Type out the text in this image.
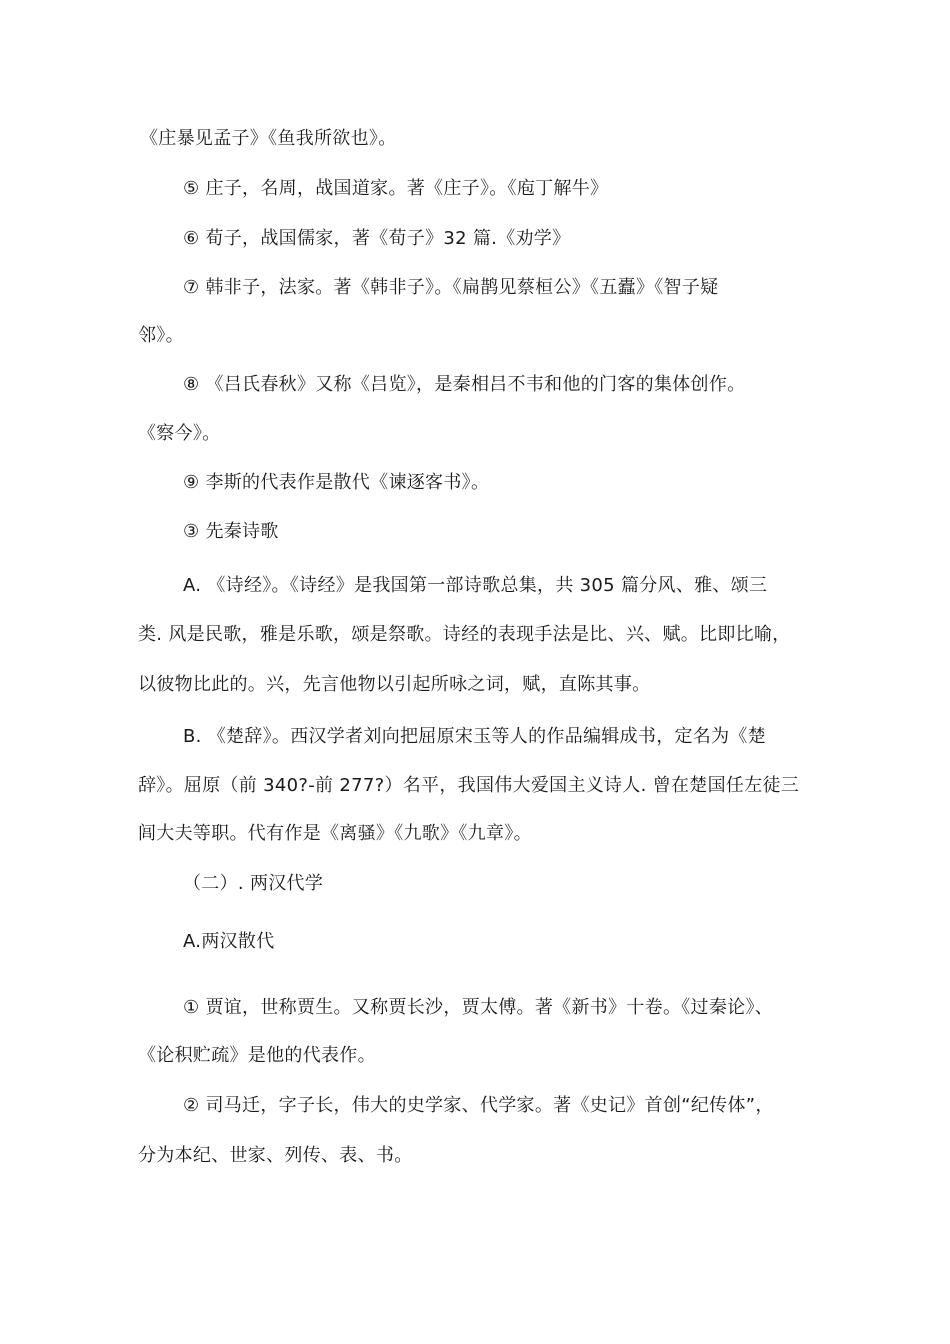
《庄暴见孟子》《鱼我所欲也》。
⑤ 庄子，名周，战国道家。著《庄子》。《庖丁解牛》
⑥ 荀子，战国儒家，著《荀子》32 篇.《劝学》
⑦ 韩非子，法家。著《韩非子》。《扁鹊见蔡桓公》《五蠹》《智子疑
邻》。
⑧ 《吕氏春秋》又称《吕览》，是秦相吕不韦和他的门客的集体创作。
《察今》。
⑨ 李斯的代表作是散代《谏逐客书》。
③ 先秦诗歌
A. 《诗经》。《诗经》是我国第一部诗歌总集，共 305 篇分风、雅、颂三
类. 风是民歌，雅是乐歌，颂是祭歌。诗经的表现手法是比、兴、赋。比即比喻，
以彼物比此的。兴，先言他物以引起所咏之词，赋，直陈其事。
B. 《楚辞》。西汉学者刘向把屈原宋玉等人的作品编辑成书，定名为《楚
辞》。屈原（前 340?-前 277?）名平，我国伟大爱国主义诗人. 曾在楚国任左徒三
闾大夫等职。代有作是《离骚》《九歌》《九章》。
（二）. 两汉代学
A.两汉散代
① 贾谊，世称贾生。又称贾长沙，贾太傅。著《新书》十卷。《过秦论》、
《论积贮疏》是他的代表作。
② 司马迁，字子长，伟大的史学家、代学家。著《史记》首创“纪传体”，
分为本纪、世家、列传、表、书。
